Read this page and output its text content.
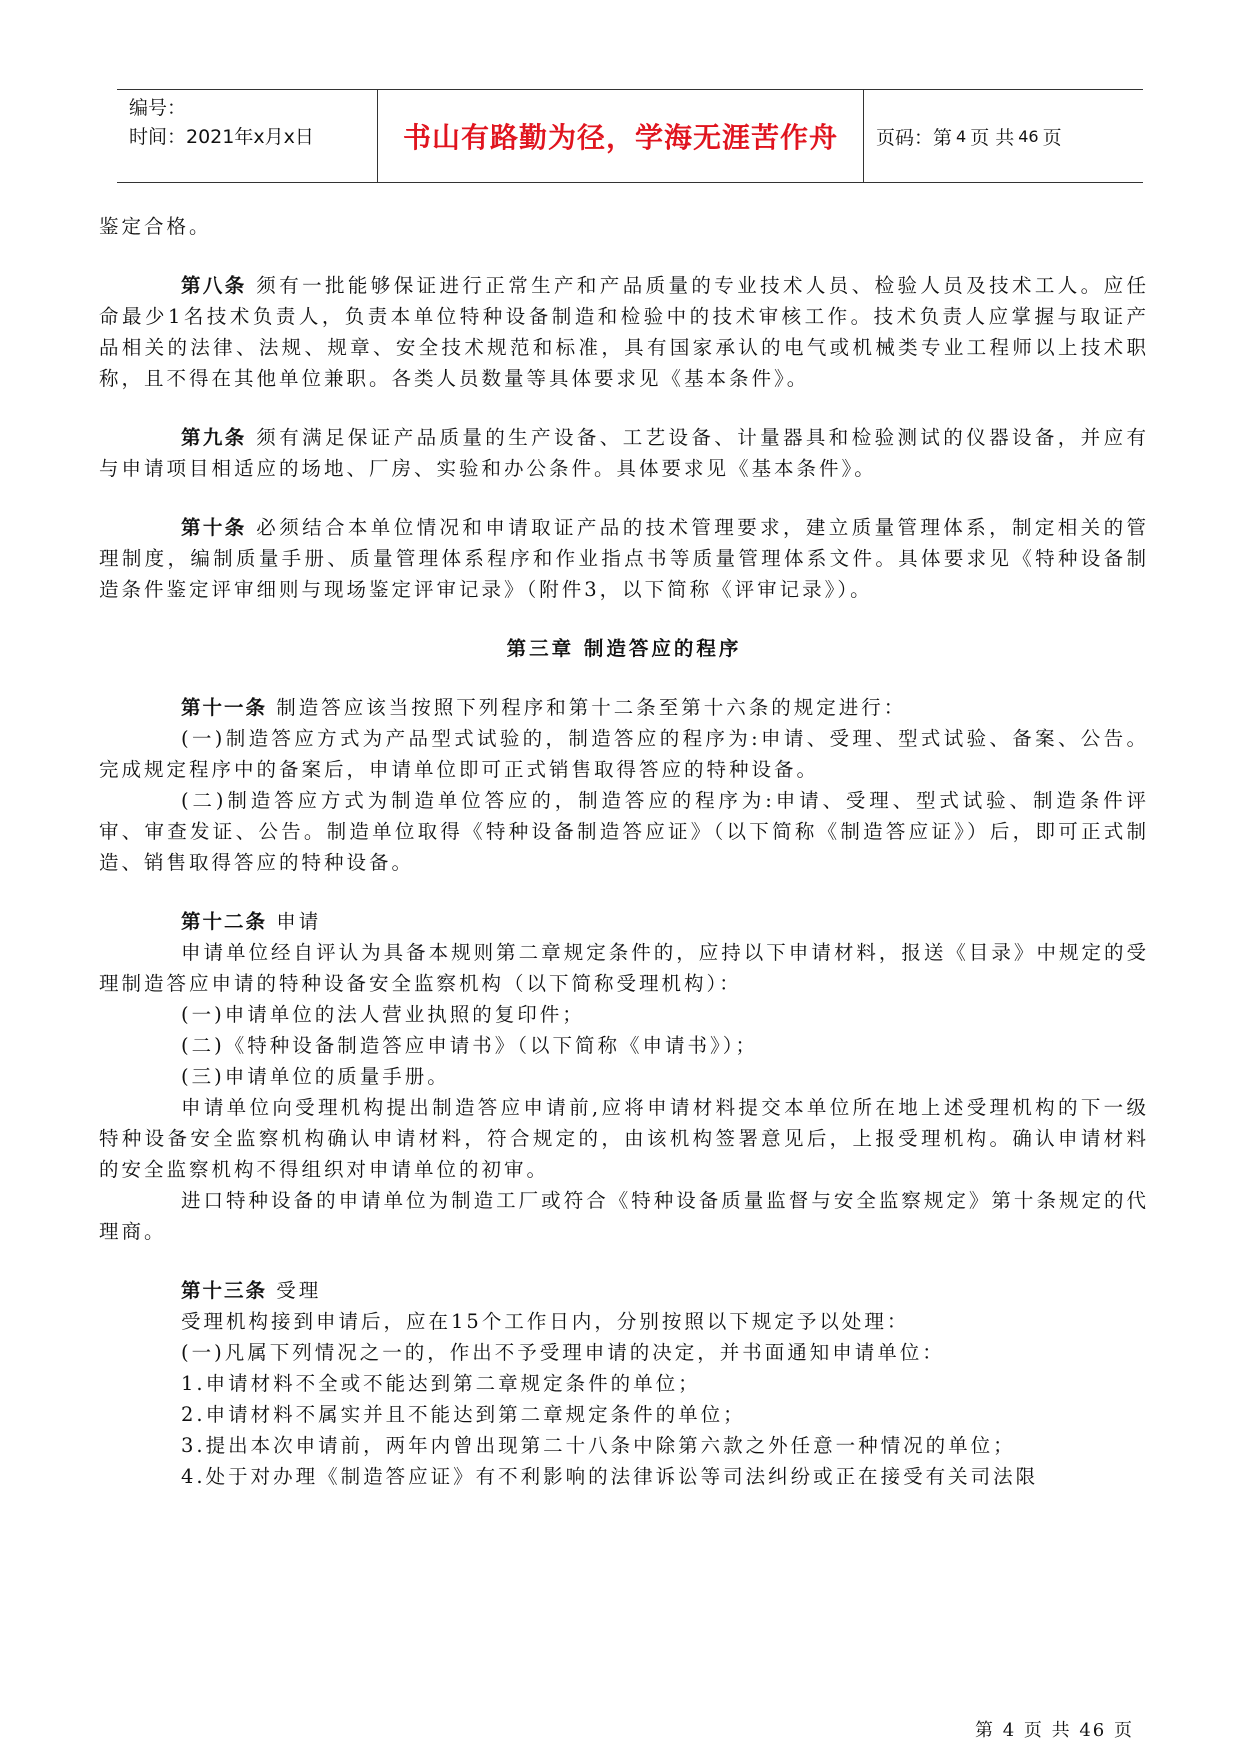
编号：
时间：2021年x月x日	书山有路勤为径，学海无涯苦作舟	页码：第 4 页 共 46 页

鉴定合格。

第八条 须有一批能够保证进行正常生产和产品质量的专业技术人员、检验人员及技术工人。应任命最少1名技术负责人，负责本单位特种设备制造和检验中的技术审核工作。技术负责人应掌握与取证产品相关的法律、法规、规章、安全技术规范和标准，具有国家承认的电气或机械类专业工程师以上技术职称，且不得在其他单位兼职。各类人员数量等具体要求见《基本条件》。

第九条 须有满足保证产品质量的生产设备、工艺设备、计量器具和检验测试的仪器设备，并应有与申请项目相适应的场地、厂房、实验和办公条件。具体要求见《基本条件》。

第十条 必须结合本单位情况和申请取证产品的技术管理要求，建立质量管理体系，制定相关的管理制度，编制质量手册、质量管理体系程序和作业指点书等质量管理体系文件。具体要求见《特种设备制造条件鉴定评审细则与现场鉴定评审记录》（附件3，以下简称《评审记录》）。

第三章 制造答应的程序

第十一条 制造答应该当按照下列程序和第十二条至第十六条的规定进行：

(一)制造答应方式为产品型式试验的，制造答应的程序为:申请、受理、型式试验、备案、公告。完成规定程序中的备案后，申请单位即可正式销售取得答应的特种设备。

(二)制造答应方式为制造单位答应的，制造答应的程序为:申请、受理、型式试验、制造条件评审、审查发证、公告。制造单位取得《特种设备制造答应证》（以下简称《制造答应证》）后，即可正式制造、销售取得答应的特种设备。

第十二条 申请

申请单位经自评认为具备本规则第二章规定条件的，应持以下申请材料，报送《目录》中规定的受理制造答应申请的特种设备安全监察机构（以下简称受理机构）：

(一)申请单位的法人营业执照的复印件；

(二)《特种设备制造答应申请书》（以下简称《申请书》）；

(三)申请单位的质量手册。

申请单位向受理机构提出制造答应申请前,应将申请材料提交本单位所在地上述受理机构的下一级特种设备安全监察机构确认申请材料，符合规定的，由该机构签署意见后，上报受理机构。确认申请材料的安全监察机构不得组织对申请单位的初审。

进口特种设备的申请单位为制造工厂或符合《特种设备质量监督与安全监察规定》第十条规定的代理商。

第十三条 受理

受理机构接到申请后，应在15个工作日内，分别按照以下规定予以处理：

(一)凡属下列情况之一的，作出不予受理申请的决定，并书面通知申请单位：

1.申请材料不全或不能达到第二章规定条件的单位；

2.申请材料不属实并且不能达到第二章规定条件的单位；

3.提出本次申请前，两年内曾出现第二十八条中除第六款之外任意一种情况的单位；

4.处于对办理《制造答应证》有不利影响的法律诉讼等司法纠纷或正在接受有关司法限

第 4 页 共 46 页
